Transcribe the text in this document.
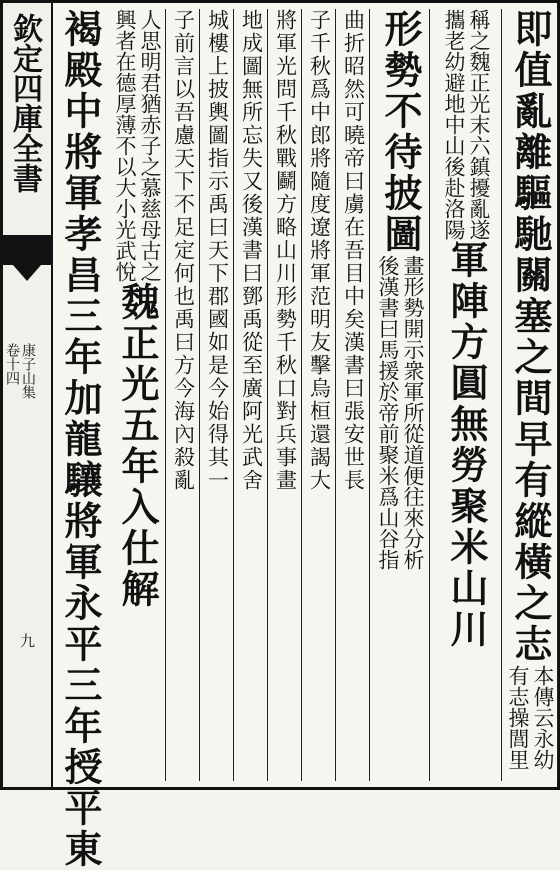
欽定四庫全書
康子山集
卷十四
九	即值亂離驅馳關塞之間早有縱橫之志
本傳云永幼
有志操閭里
稱之魏正光末六鎮擾亂遂
攜老幼避地中山後赴洛陽
軍陣方圓無勞聚米山川
形勢不待披圖
畫形勢開示衆軍所從道便往來分析
後漢書曰馬援於帝前聚米爲山谷指
曲折昭然可曉帝曰虜在吾目中矣漢書曰張安世長
子千秋爲中郎將隨度遼將軍范明友擊烏桓還謁大
將軍光問千秋戰鬬方略山川形勢千秋口對兵事畫
地成圖無所忘失又後漢書曰鄧禹從至廣阿光武舍
城樓上披輿圖指示禹曰天下郡國如是今始得其一
子前言以吾慮天下不足定何也禹曰方今海內殺亂
人思明君猶赤子之慕慈母古之
興者在德厚薄不以大小光武悅
魏正光五年入仕解
褐殿中將軍孝昌三年加龍驤將軍永平三年授平東
